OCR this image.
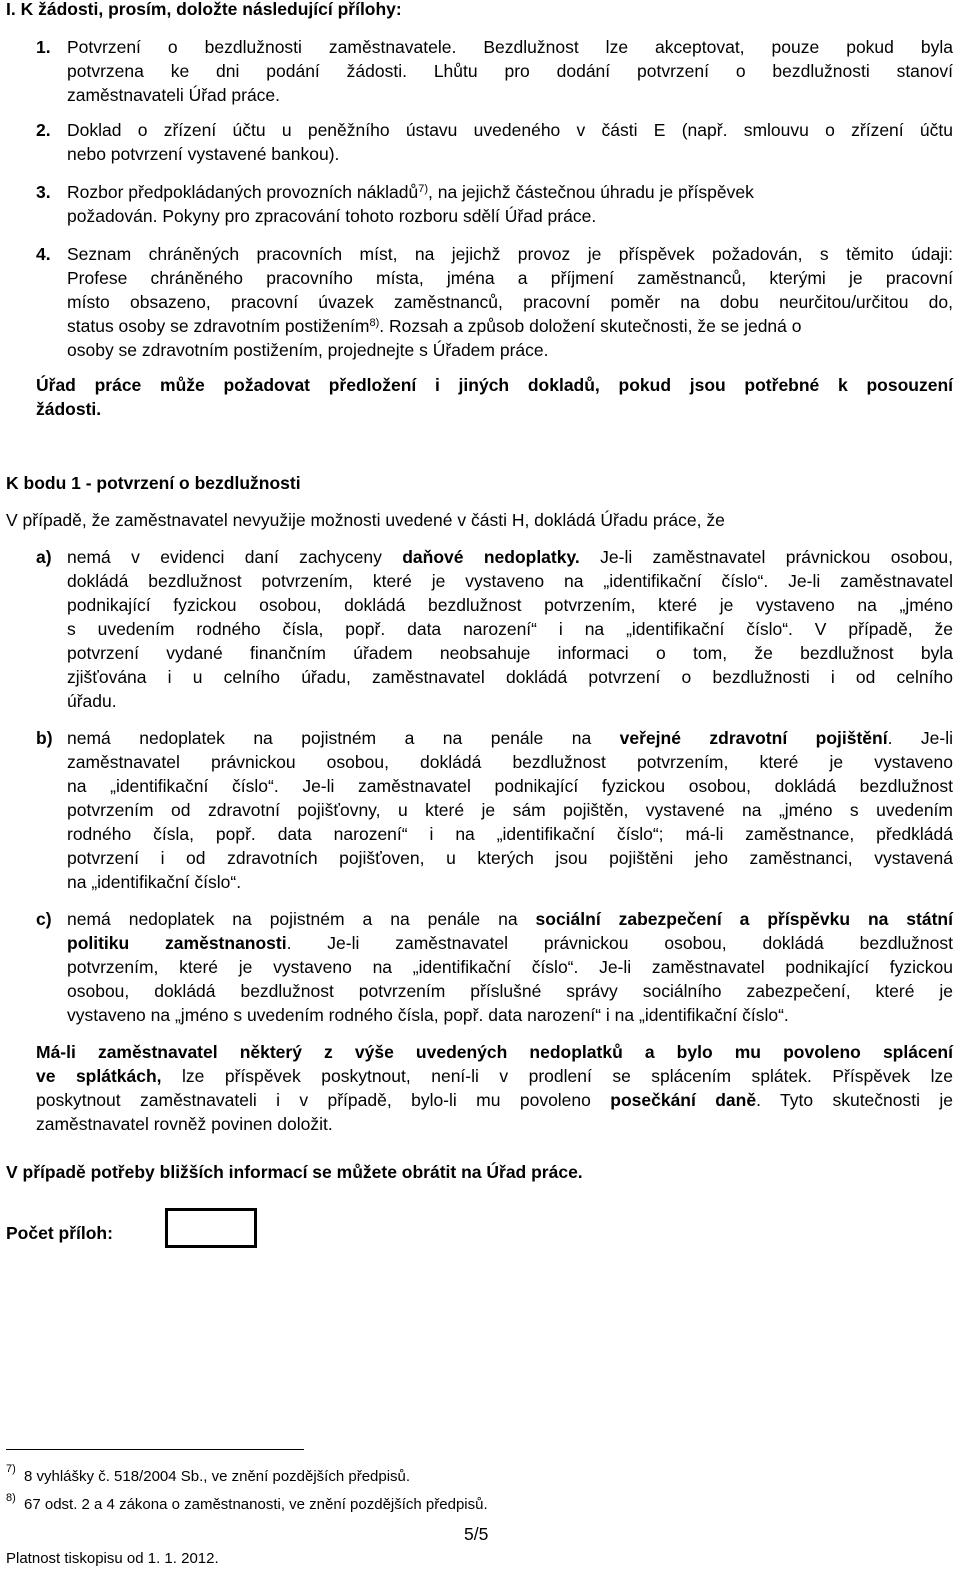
I. K žádosti, prosím, doložte následující přílohy:
1. Potvrzení o bezdlužnosti zaměstnavatele. Bezdlužnost lze akceptovat, pouze pokud byla
potvrzena ke dni podání žádosti. Lhůtu pro dodání potvrzení o bezdlužnosti stanoví
zaměstnavateli Úřad práce.
2. Doklad o zřízení účtu u peněžního ústavu uvedeného v části E (např. smlouvu o zřízení účtu
nebo potvrzení vystavené bankou).
3. Rozbor předpokládaných provozních nákladů$^{7)}$, na jejichž částečnou úhradu je příspěvek
požadován. Pokyny pro zpracování tohoto rozboru sdělí Úřad práce.
4. Seznam chráněných pracovních míst, na jejichž provoz je příspěvek požadován, s těmito údaji:
Profese chráněného pracovního místa, jména a příjmení zaměstnanců, kterými je pracovní
místo obsazeno, pracovní úvazek zaměstnanců, pracovní poměr na dobu neurčitou/určitou do,
status osoby se zdravotním postižením$^{8)}$. Rozsah a způsob doložení skutečnosti, že se jedná o
osoby se zdravotním postižením, projednejte s Úřadem práce.
Úřad práce může požadovat předložení i jiných dokladů, pokud jsou potřebné k posouzení
žádosti.
K bodu 1 - potvrzení o bezdlužnosti
V případě, že zaměstnavatel nevyužije možnosti uvedené v části H, dokládá Úřadu práce, že
a) nemá v evidenci daní zachyceny daňové nedoplatky. Je-li zaměstnavatel právnickou osobou,
dokládá bezdlužnost potvrzením, které je vystaveno na „identifikační číslo“. Je-li zaměstnavatel
podnikající fyzickou osobou, dokládá bezdlužnost potvrzením, které je vystaveno na „jméno
s uvedením rodného čísla, popř. data narození“ i na „identifikační číslo“. V případě, že
potvrzení vydané finančním úřadem neobsahuje informaci o tom, že bezdlužnost byla
zjišťována i u celního úřadu, zaměstnavatel dokládá potvrzení o bezdlužnosti i od celního
úřadu.
b) nemá nedoplatek na pojistném a na penále na veřejné zdravotní pojištění. Je-li
zaměstnavatel právnickou osobou, dokládá bezdlužnost potvrzením, které je vystaveno
na „identifikační číslo“. Je-li zaměstnavatel podnikající fyzickou osobou, dokládá bezdlužnost
potvrzením od zdravotní pojišťovny, u které je sám pojištěn, vystavené na „jméno s uvedením
rodného čísla, popř. data narození“ i na „identifikační číslo“; má-li zaměstnance, předkládá
potvrzení i od zdravotních pojišťoven, u kterých jsou pojištěni jeho zaměstnanci, vystavená
na „identifikační číslo“.
c) nemá nedoplatek na pojistném a na penále na sociální zabezpečení a příspěvku na státní
politiku zaměstnanosti. Je-li zaměstnavatel právnickou osobou, dokládá bezdlužnost
potvrzením, které je vystaveno na „identifikační číslo“. Je-li zaměstnavatel podnikající fyzickou
osobou, dokládá bezdlužnost potvrzením příslušné správy sociálního zabezpečení, které je
vystaveno na „jméno s uvedením rodného čísla, popř. data narození“ i na „identifikační číslo“.
Má-li zaměstnavatel některý z výše uvedených nedoplatků a bylo mu povoleno splácení
ve splátkách, lze příspěvek poskytnout, není-li v prodlení se splácením splátek. Příspěvek lze
poskytnout zaměstnavateli i v případě, bylo-li mu povoleno posečkání daně. Tyto skutečnosti je
zaměstnavatel rovněž povinen doložit.
V případě potřeby bližších informací se můžete obrátit na Úřad práce.
Počet příloh:
7) 8 vyhlášky č. 518/2004 Sb., ve znění pozdějších předpisů.
8) 67 odst. 2 a 4 zákona o zaměstnanosti, ve znění pozdějších předpisů.
5/5
Platnost tiskopisu od 1. 1. 2012.
